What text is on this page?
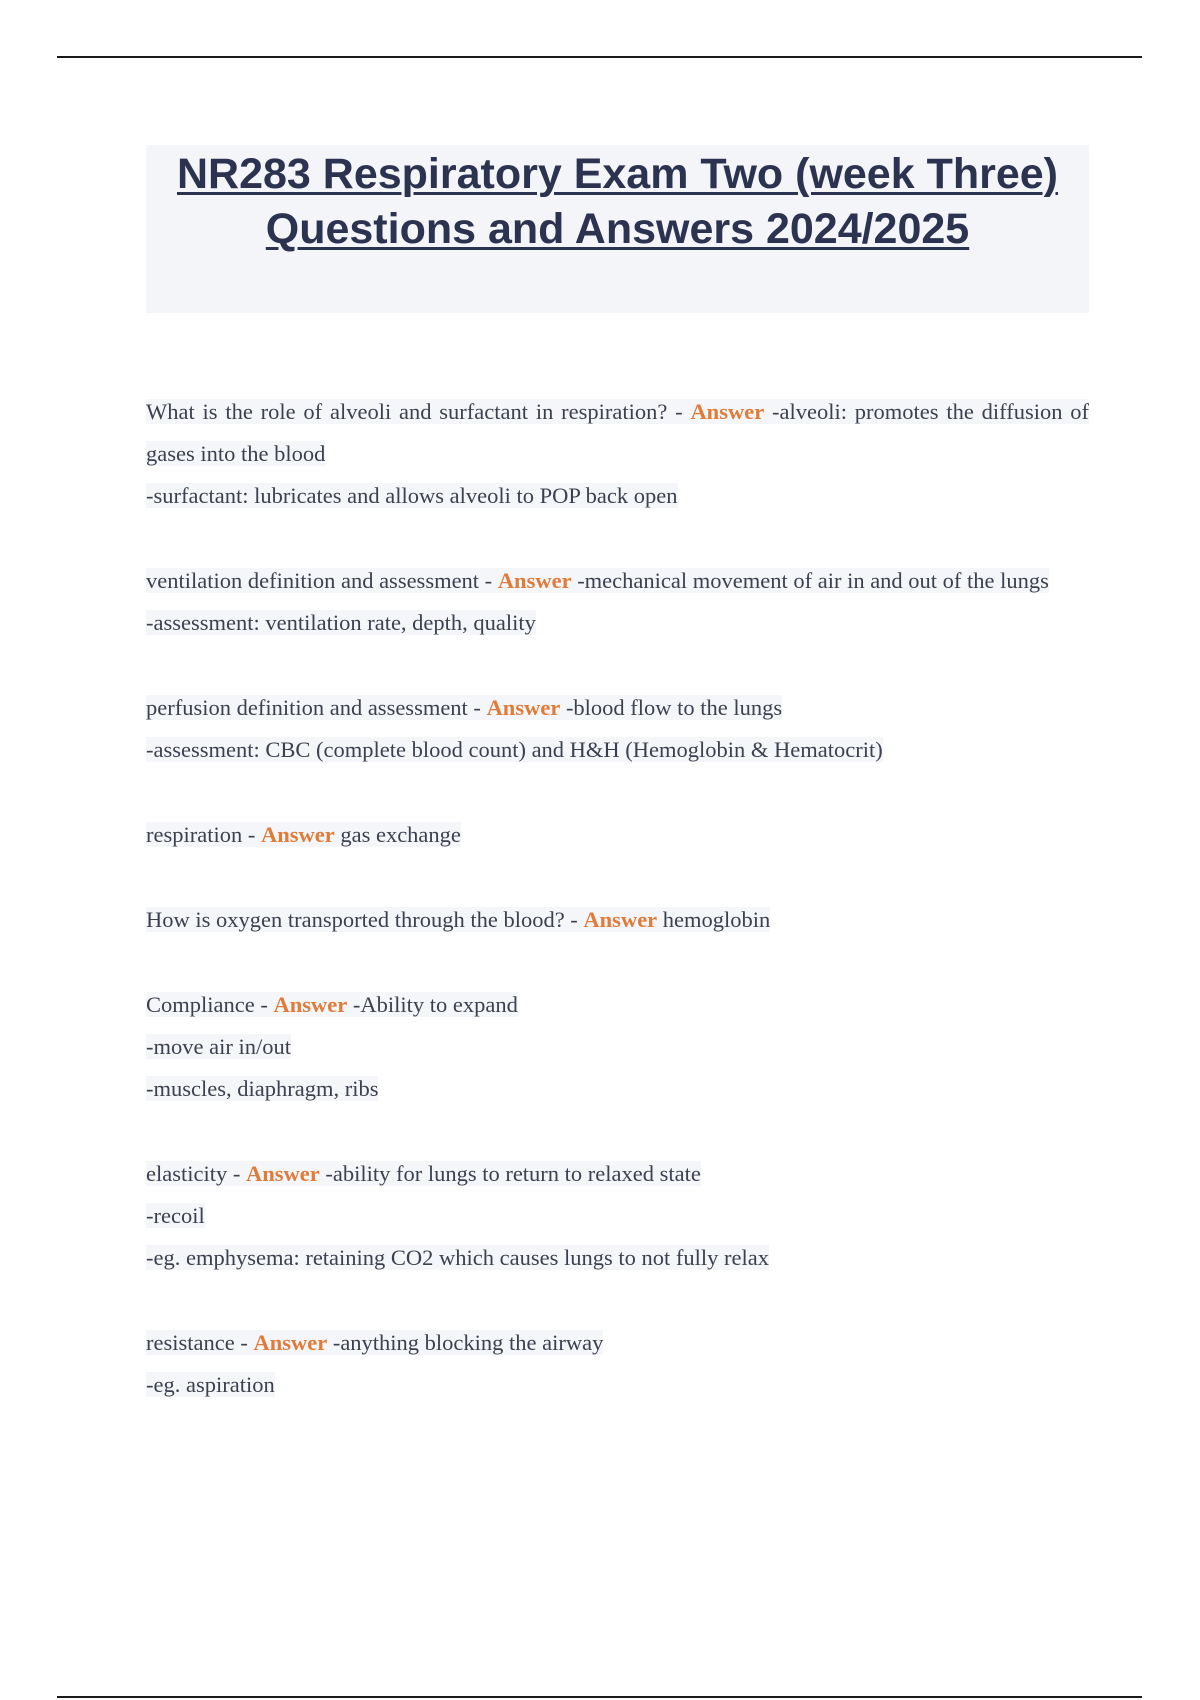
NR283 Respiratory Exam Two (week Three) Questions and Answers 2024/2025
What is the role of alveoli and surfactant in respiration? - Answer -alveoli: promotes the diffusion of gases into the blood
-surfactant: lubricates and allows alveoli to POP back open
ventilation definition and assessment - Answer -mechanical movement of air in and out of the lungs
-assessment: ventilation rate, depth, quality
perfusion definition and assessment - Answer -blood flow to the lungs
-assessment: CBC (complete blood count) and H&H (Hemoglobin & Hematocrit)
respiration - Answer gas exchange
How is oxygen transported through the blood? - Answer hemoglobin
Compliance - Answer -Ability to expand
-move air in/out
-muscles, diaphragm, ribs
elasticity - Answer -ability for lungs to return to relaxed state
-recoil
-eg. emphysema: retaining CO2 which causes lungs to not fully relax
resistance - Answer -anything blocking the airway
-eg. aspiration
